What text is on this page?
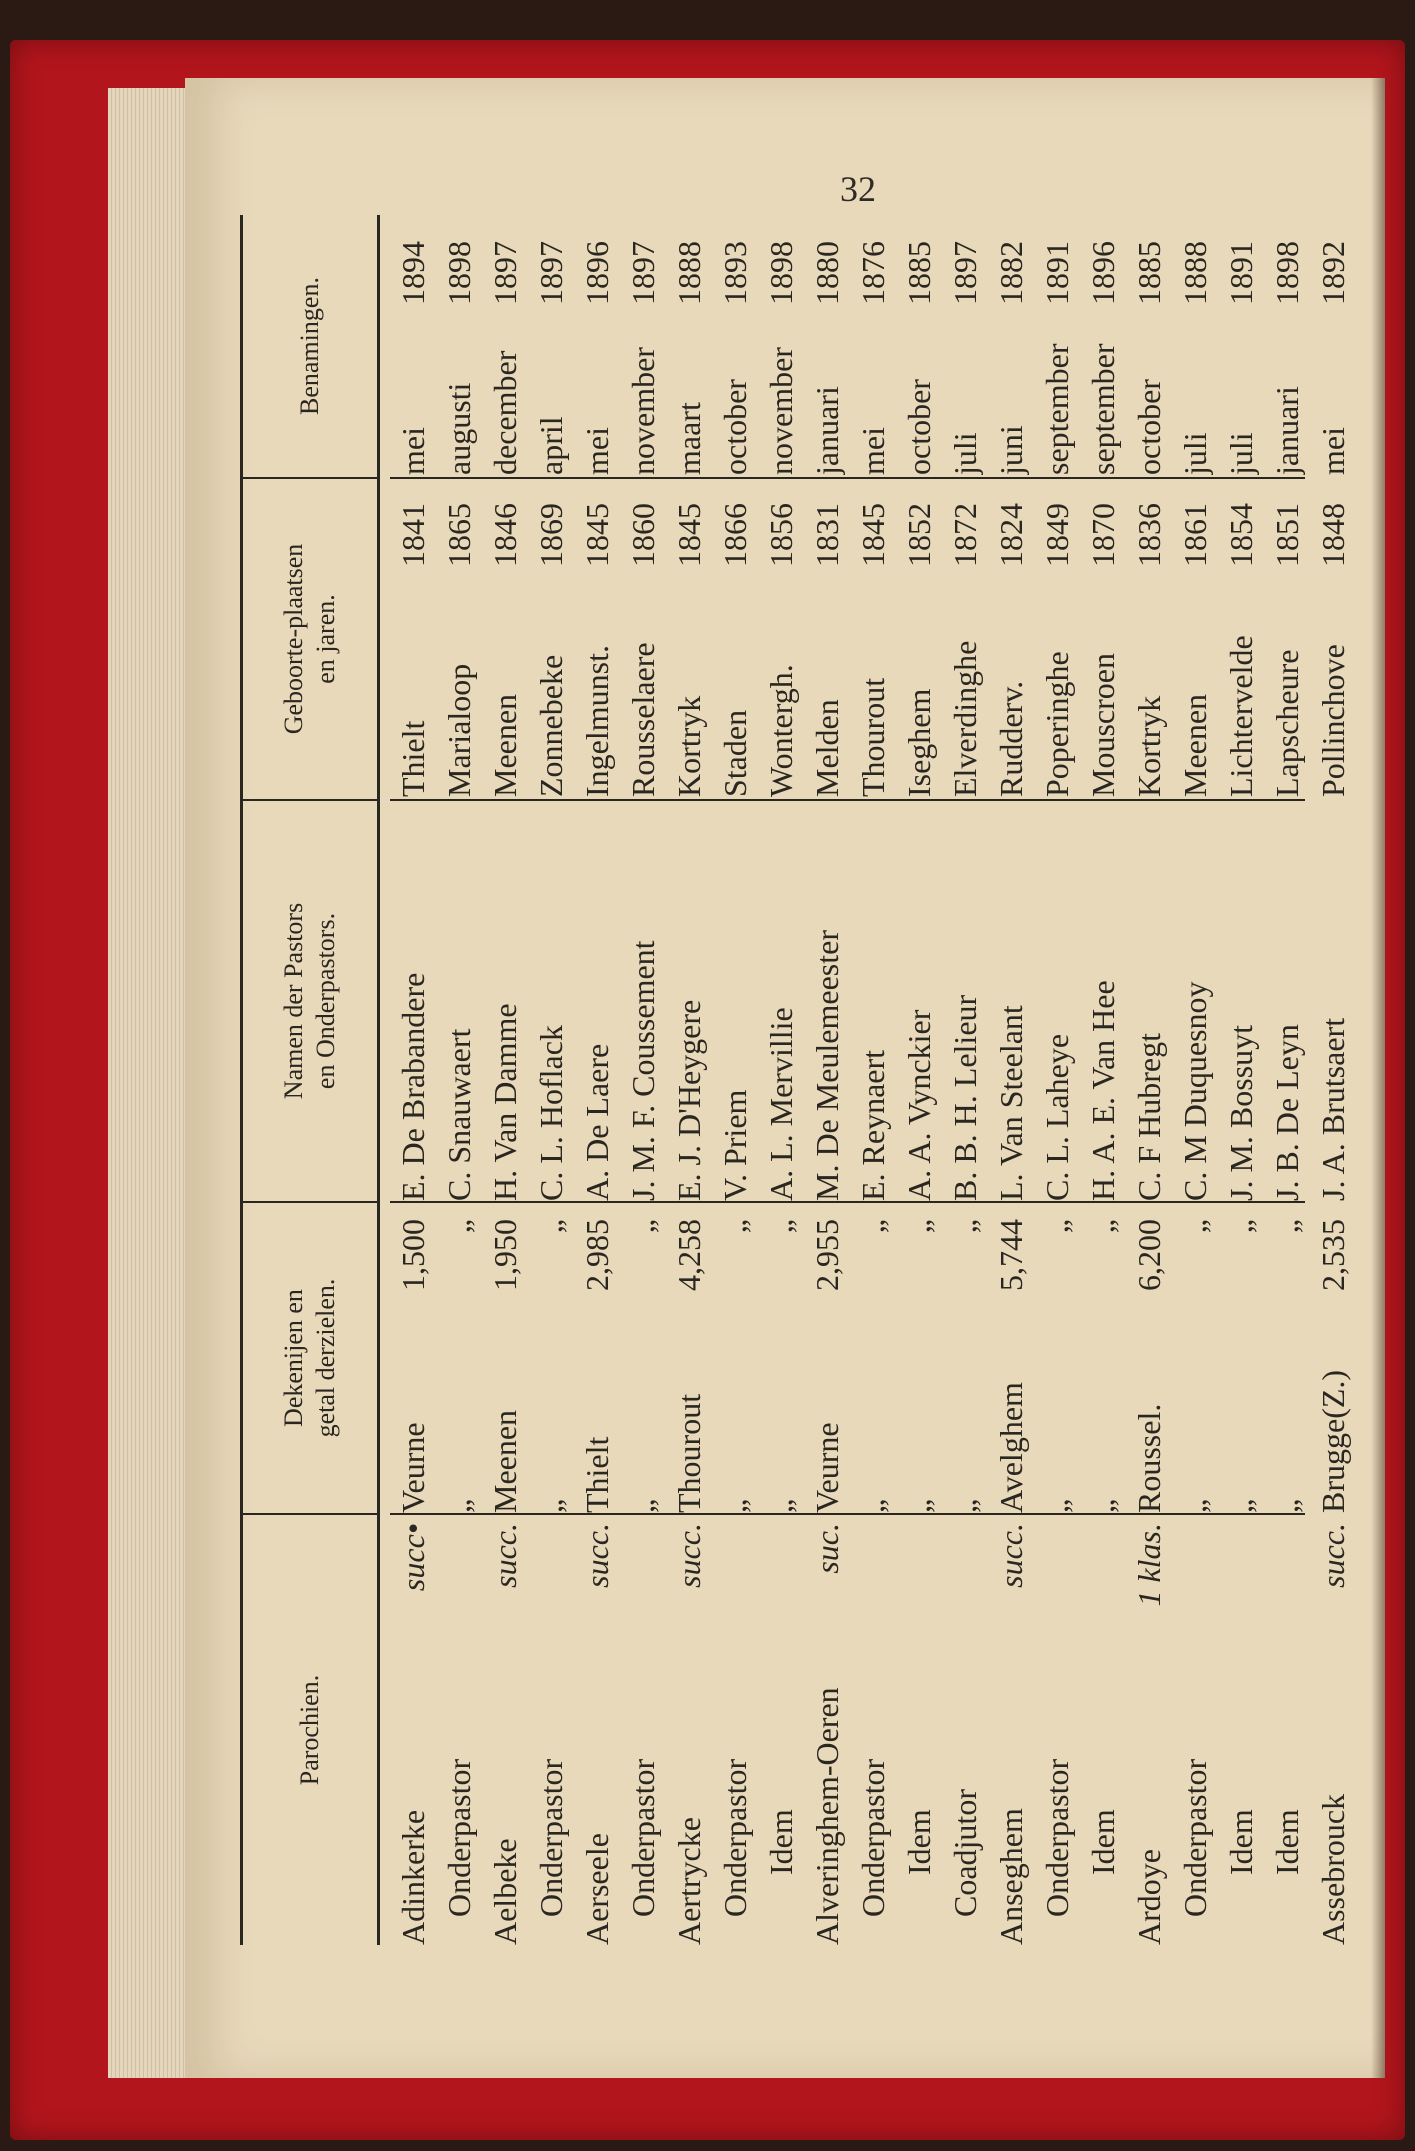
32
Parochien.
Dekenijen en getal derzielen.
Namen der Pastors en Onderpastors.
Geboorte-plaatsen en jaren.
Benamingen.
Adinkerke
succ•
Veurne
1,500
E. De Brabandere
Thielt
1841
mei
1894
Onderpastor
„
„
C. Snauwaert
Marialoop
1865
augusti
1898
Aelbeke
succ.
Meenen
1,950
H. Van Damme
Meenen
1846
december
1897
Onderpastor
„
„
C. L. Hoflack
Zonnebeke
1869
april
1897
Aerseele
succ.
Thielt
2,985
A. De Laere
Ingelmunst.
1845
mei
1896
Onderpastor
„
„
J. M. F. Coussement
Rousselaere
1860
november
1897
Aertrycke
succ.
Thourout
4,258
E. J. D'Heygere
Kortryk
1845
maart
1888
Onderpastor
„
„
V. Priem
Staden
1866
october
1893
Idem
„
„
A. L. Mervillie
Wontergh.
1856
november
1898
Alveringhem-Oeren
suc.
Veurne
2,955
M. De Meulemeester
Melden
1831
januari
1880
Onderpastor
„
„
E. Reynaert
Thourout
1845
mei
1876
Idem
„
„
A. A. Vynckier
Iseghem
1852
october
1885
Coadjutor
„
„
B. B. H. Lelieur
Elverdinghe
1872
juli
1897
Anseghem
succ.
Avelghem
5,744
L. Van Steelant
Rudderv.
1824
juni
1882
Onderpastor
„
„
C. L. Laheye
Poperinghe
1849
september
1891
Idem
„
„
H. A. E. Van Hee
Mouscroen
1870
september
1896
Ardoye
1 klas.
Roussel.
6,200
C. F Hubregt
Kortryk
1836
october
1885
Onderpastor
„
„
C. M Duquesnoy
Meenen
1861
juli
1888
Idem
„
„
J. M. Bossuyt
Lichtervelde
1854
juli
1891
Idem
„
„
J. B. De Leyn
Lapscheure
1851
januari
1898
Assebrouck
succ.
Brugge(Z.)
2,535
J. A. Brutsaert
Pollinchove
1848
mei
1892
